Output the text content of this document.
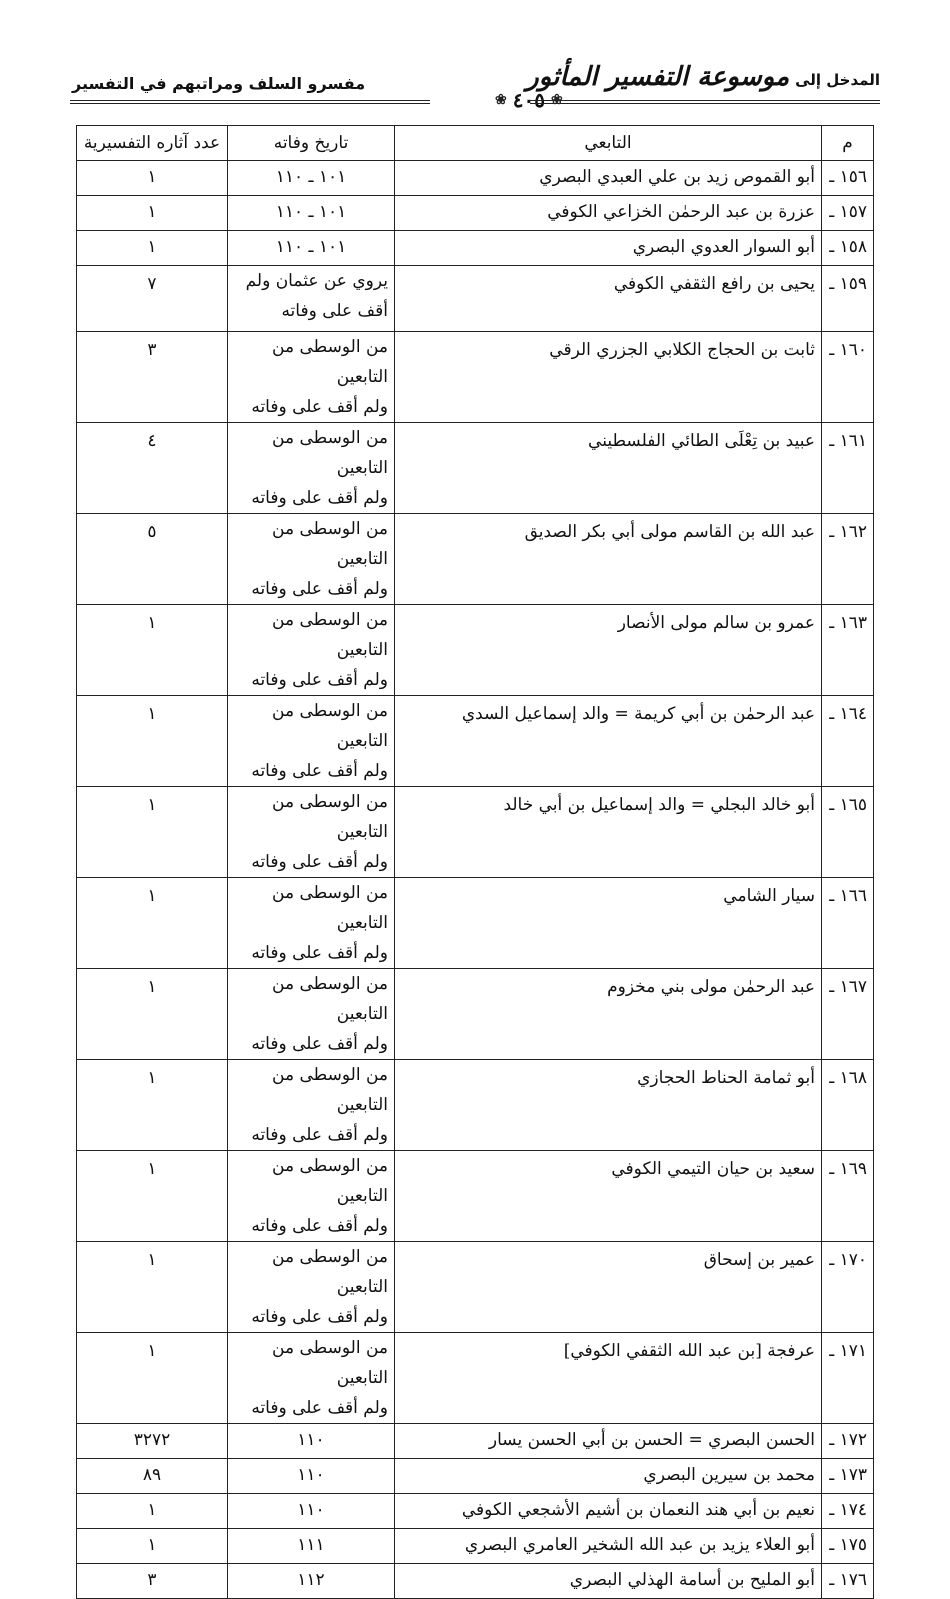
المدخل إلى
موسوعة التفسير المأثور
مفسرو السلف ومراتبهم في التفسير
❀
٤٠٥
❀
م	التابعي	تاريخ وفاته	عدد آثاره التفسيرية
١٥٦ ـ	أبو القموص زيد بن علي العبدي البصري	١٠١ ـ ١١٠	١
١٥٧ ـ	عزرة بن عبد الرحمٰن الخزاعي الكوفي	١٠١ ـ ١١٠	١
١٥٨ ـ	أبو السوار العدوي البصري	١٠١ ـ ١١٠	١
١٥٩ ـ	يحيى بن رافع الثقفي الكوفي	يروي عن عثمان ولم
أقف على وفاته	٧
١٦٠ ـ	ثابت بن الحجاج الكلابي الجزري الرقي	من الوسطى من التابعين
ولم أقف على وفاته	٣
١٦١ ـ	عبيد بن تِعْلَى الطائي الفلسطيني	من الوسطى من التابعين
ولم أقف على وفاته	٤
١٦٢ ـ	عبد الله بن القاسم مولى أبي بكر الصديق	من الوسطى من التابعين
ولم أقف على وفاته	٥
١٦٣ ـ	عمرو بن سالم مولى الأنصار	من الوسطى من التابعين
ولم أقف على وفاته	١
١٦٤ ـ	عبد الرحمٰن بن أبي كريمة = والد إسماعيل السدي	من الوسطى من التابعين
ولم أقف على وفاته	١
١٦٥ ـ	أبو خالد البجلي = والد إسماعيل بن أبي خالد	من الوسطى من التابعين
ولم أقف على وفاته	١
١٦٦ ـ	سيار الشامي	من الوسطى من التابعين
ولم أقف على وفاته	١
١٦٧ ـ	عبد الرحمٰن مولى بني مخزوم	من الوسطى من التابعين
ولم أقف على وفاته	١
١٦٨ ـ	أبو ثمامة الحناط الحجازي	من الوسطى من التابعين
ولم أقف على وفاته	١
١٦٩ ـ	سعيد بن حيان التيمي الكوفي	من الوسطى من التابعين
ولم أقف على وفاته	١
١٧٠ ـ	عمير بن إسحاق	من الوسطى من التابعين
ولم أقف على وفاته	١
١٧١ ـ	عرفجة [بن عبد الله الثقفي الكوفي]	من الوسطى من التابعين
ولم أقف على وفاته	١
١٧٢ ـ	الحسن البصري = الحسن بن أبي الحسن يسار	١١٠	٣٢٧٢
١٧٣ ـ	محمد بن سيرين البصري	١١٠	٨٩
١٧٤ ـ	نعيم بن أبي هند النعمان بن أشيم الأشجعي الكوفي	١١٠	١
١٧٥ ـ	أبو العلاء يزيد بن عبد الله الشخير العامري البصري	١١١	١
١٧٦ ـ	أبو المليح بن أسامة الهذلي البصري	١١٢	٣
